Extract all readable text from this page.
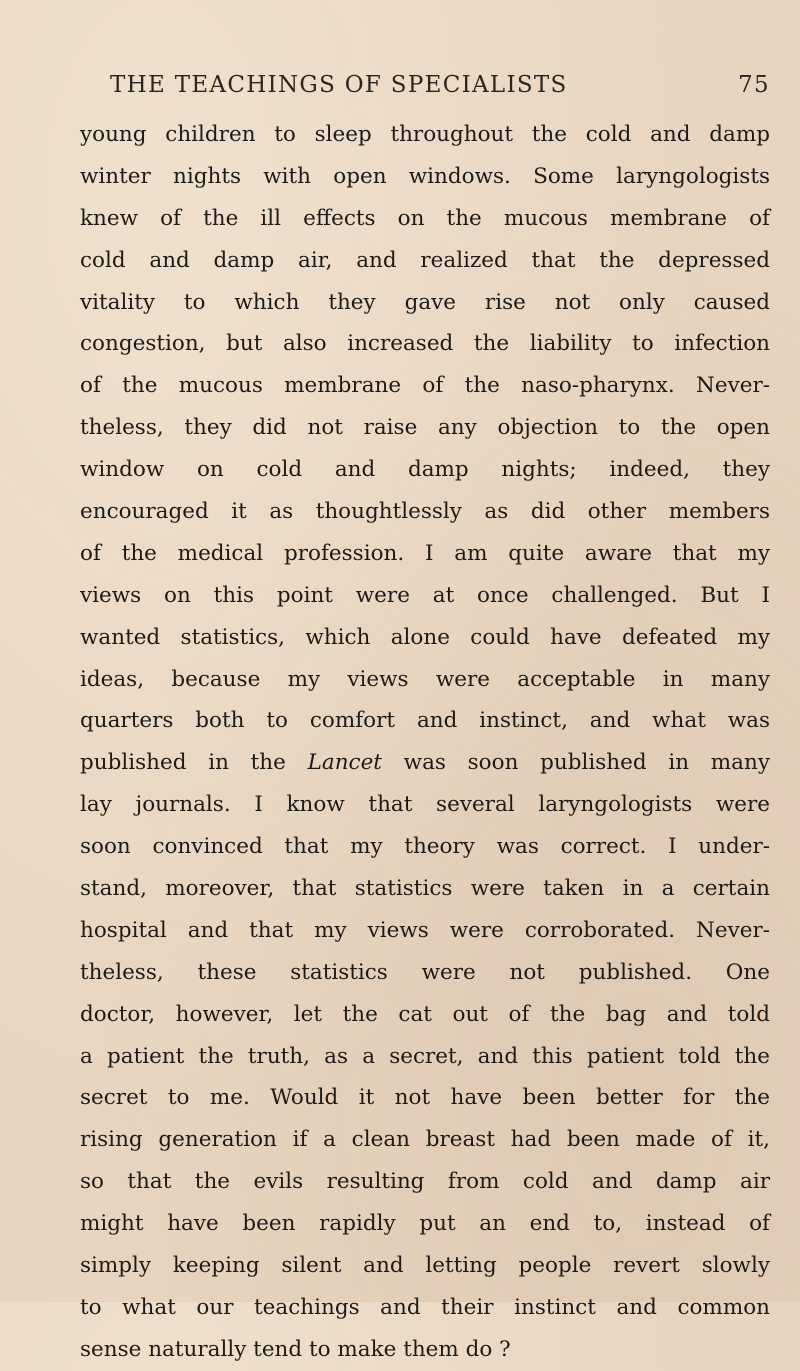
THE TEACHINGS OF SPECIALISTS	75
young children to sleep throughout the cold and damp
winter nights with open windows. Some laryngologists
knew of the ill effects on the mucous membrane of
cold and damp air, and realized that the depressed
vitality to which they gave rise not only caused
congestion, but also increased the liability to infection
of the mucous membrane of the naso-pharynx. Never-
theless, they did not raise any objection to the open
window on cold and damp nights; indeed, they
encouraged it as thoughtlessly as did other members
of the medical profession. I am quite aware that my
views on this point were at once challenged. But I
wanted statistics, which alone could have defeated my
ideas, because my views were acceptable in many
quarters both to comfort and instinct, and what was
published in the Lancet was soon published in many
lay journals. I know that several laryngologists were
soon convinced that my theory was correct. I under-
stand, moreover, that statistics were taken in a certain
hospital and that my views were corroborated. Never-
theless, these statistics were not published. One
doctor, however, let the cat out of the bag and told
a patient the truth, as a secret, and this patient told the
secret to me. Would it not have been better for the
rising generation if a clean breast had been made of it,
so that the evils resulting from cold and damp air
might have been rapidly put an end to, instead of
simply keeping silent and letting people revert slowly
to what our teachings and their instinct and common
sense naturally tend to make them do ?
